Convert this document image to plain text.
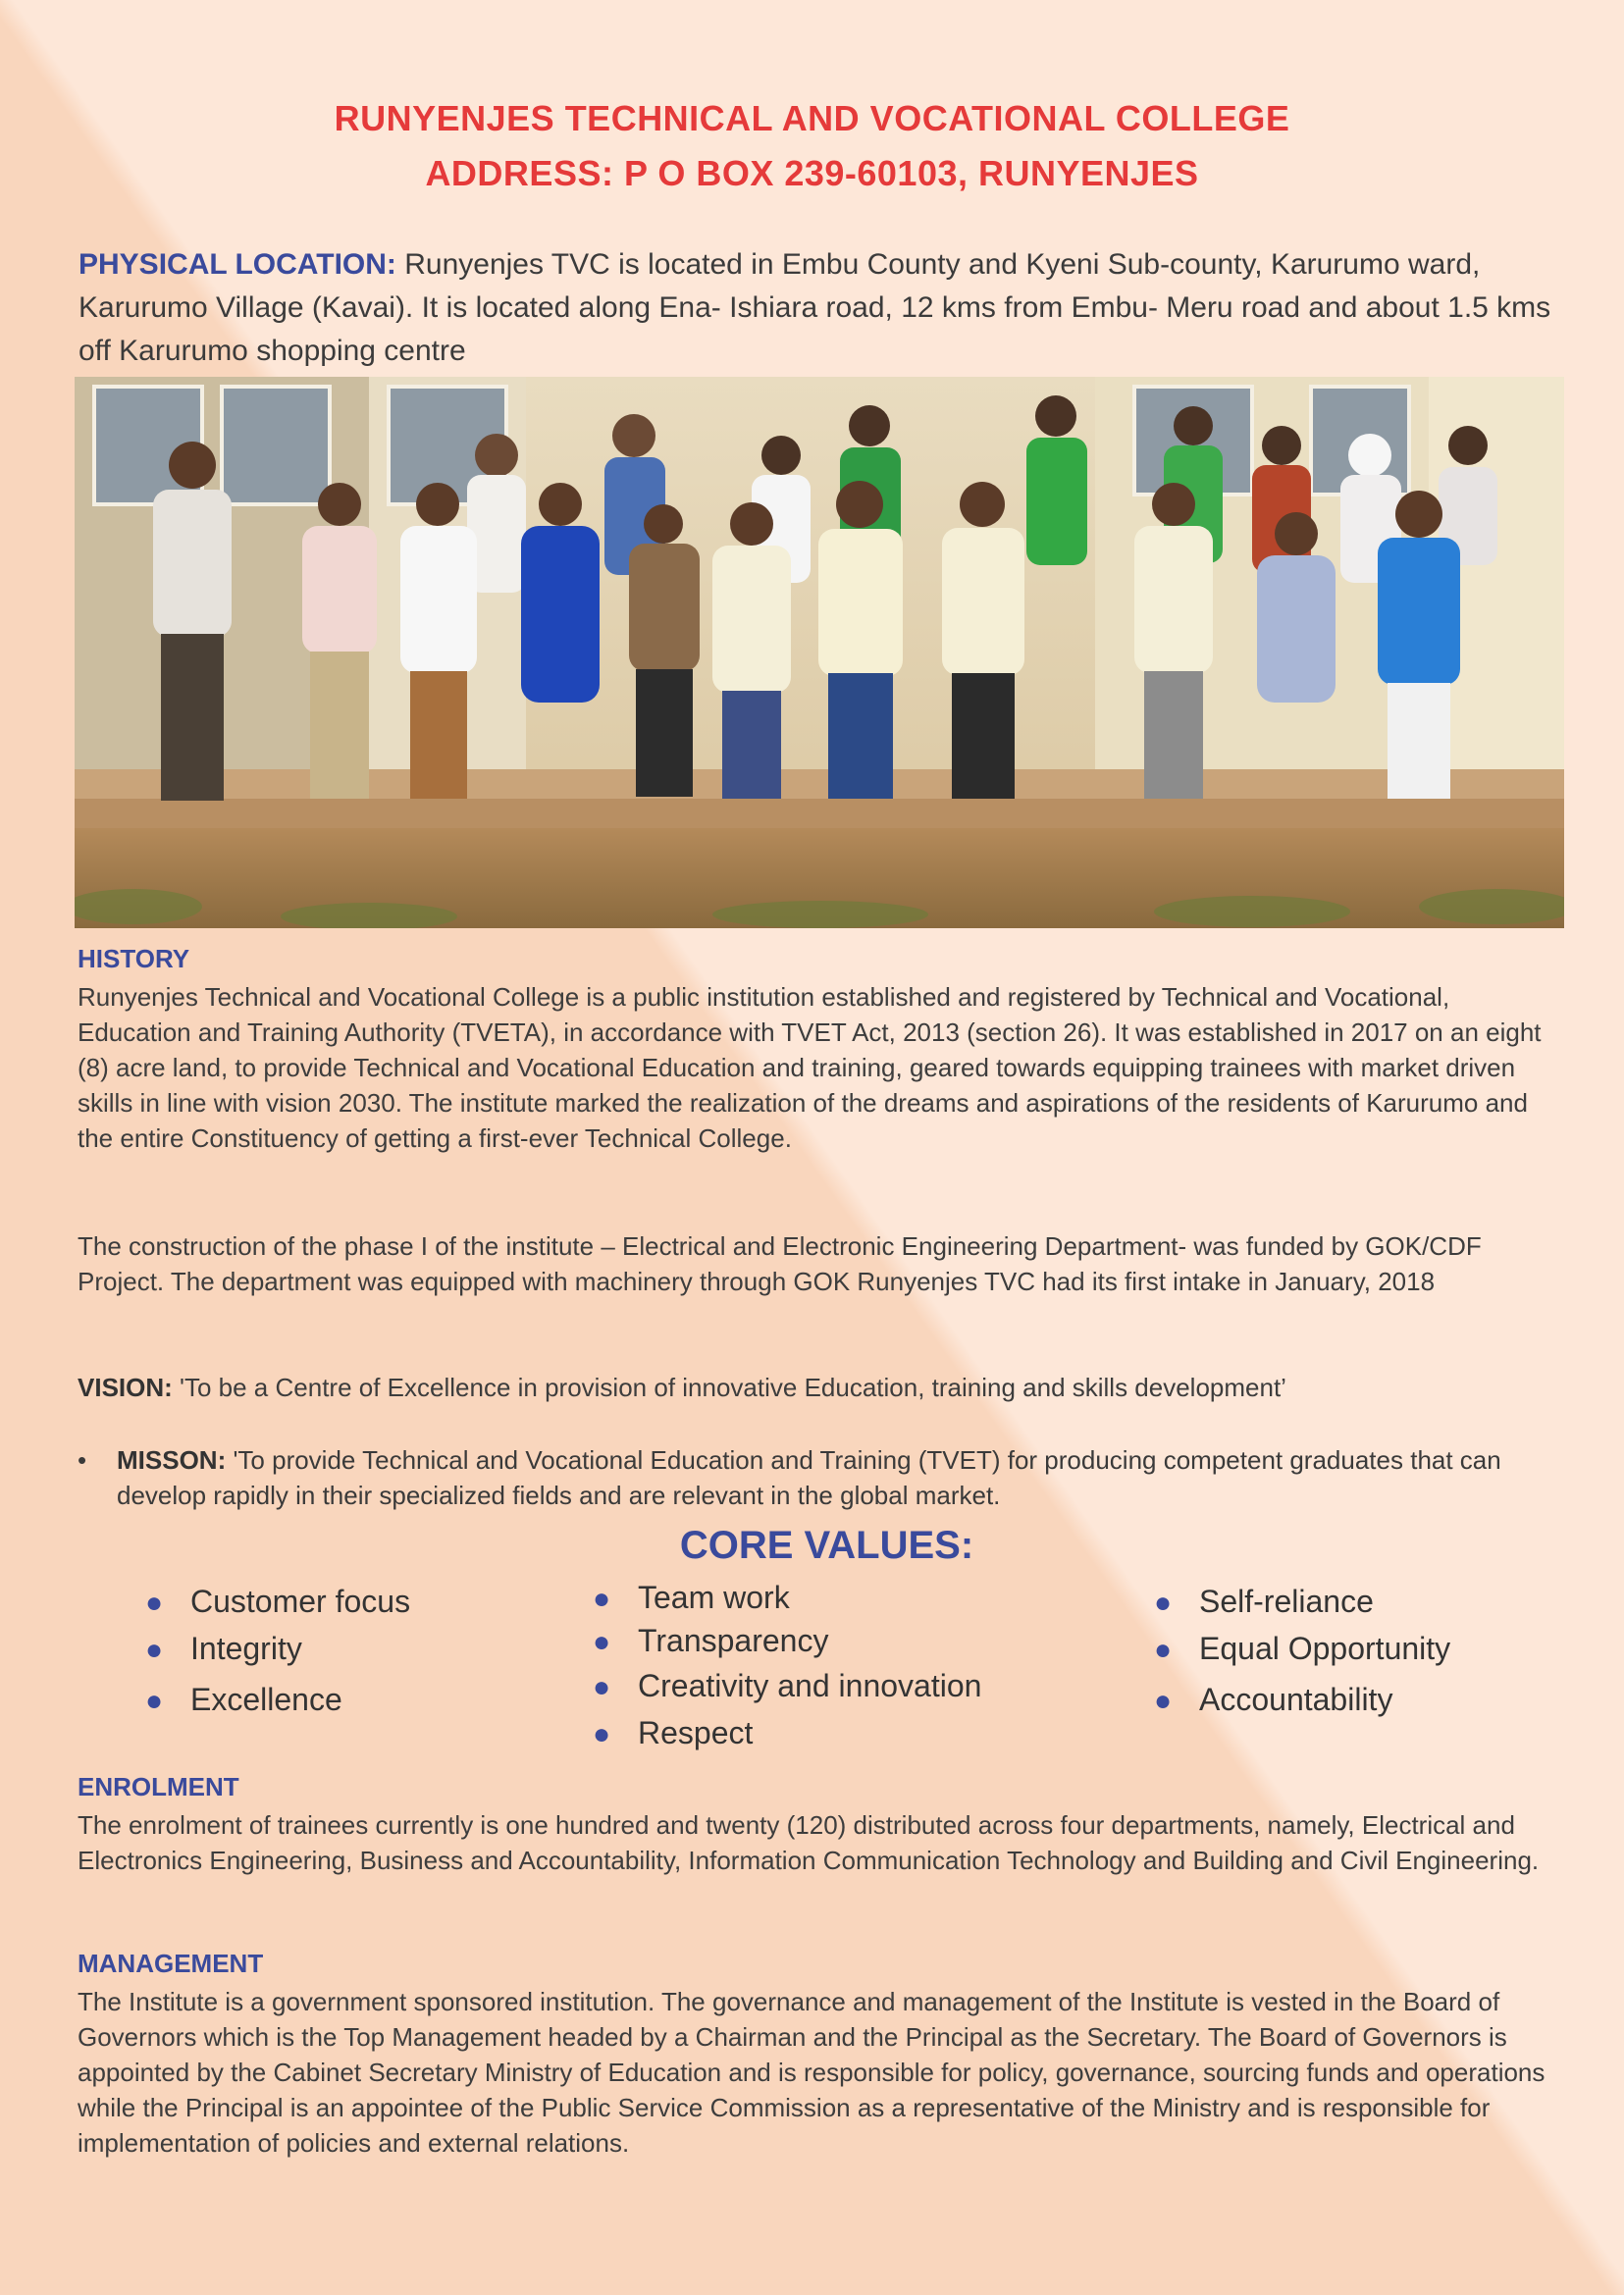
RUNYENJES TECHNICAL AND VOCATIONAL COLLEGE
ADDRESS: P O BOX 239-60103, RUNYENJES
PHYSICAL LOCATION: Runyenjes TVC is located in Embu County and Kyeni Sub-county, Karurumo ward, Karurumo Village (Kavai). It is located along Ena- Ishiara road, 12 kms from Embu- Meru road and about 1.5 kms off Karurumo shopping centre
HISTORY
Runyenjes Technical and Vocational College is a public institution established and registered by Technical and Vocational, Education and Training Authority (TVETA), in accordance with TVET Act, 2013 (section 26). It was established in 2017 on an eight (8) acre land, to provide Technical and Vocational Education and training, geared towards equipping trainees with market driven skills in line with vision 2030. The institute marked the realization of the dreams and aspirations of the residents of Karurumo and the entire Constituency of getting a first-ever Technical College.
The construction of the phase I of the institute – Electrical and Electronic Engineering Department- was funded by GOK/CDF Project. The department was equipped with machinery through GOK Runyenjes TVC had its first intake in January, 2018
VISION: 'To be a Centre of Excellence in provision of innovative Education, training and skills development’
• MISSON: 'To provide Technical and Vocational Education and Training (TVET) for producing competent graduates that can develop rapidly in their specialized fields and are relevant in the global market.
CORE VALUES:
● Customer focus
● Integrity
● Excellence
● Team work
● Transparency
● Creativity and innovation
● Respect
● Self-reliance
● Equal Opportunity
● Accountability
ENROLMENT
The enrolment of trainees currently is one hundred and twenty (120) distributed across four departments, namely, Electrical and Electronics Engineering, Business and Accountability, Information Communication Technology and Building and Civil Engineering.
MANAGEMENT
The Institute is a government sponsored institution. The governance and management of the Institute is vested in the Board of Governors which is the Top Management headed by a Chairman and the Principal as the Secretary. The Board of Governors is appointed by the Cabinet Secretary Ministry of Education and is responsible for policy, governance, sourcing funds and operations while the Principal is an appointee of the Public Service Commission as a representative of the Ministry and is responsible for implementation of policies and external relations.
